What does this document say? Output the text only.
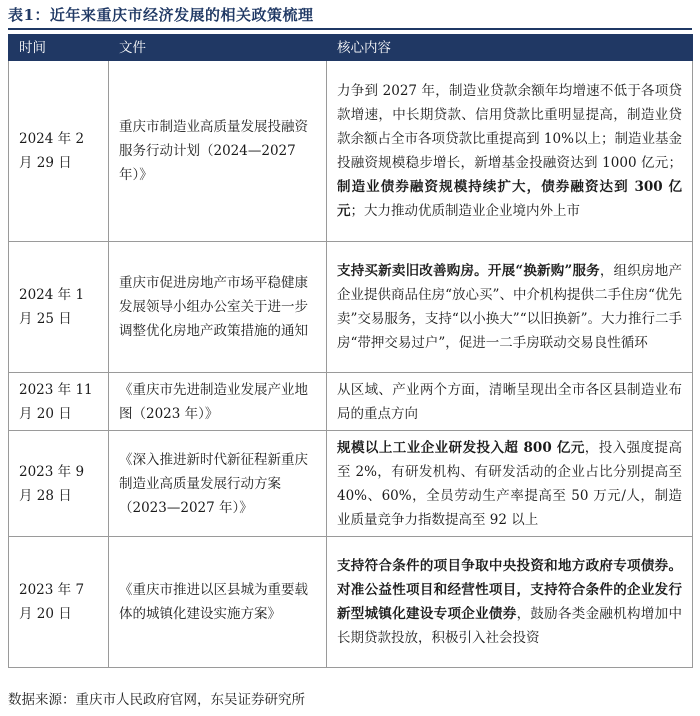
表1：近年来重庆市经济发展的相关政策梳理
时间	文件	核心内容
2024 年 2 月 29 日	重庆市制造业高质量发展投融资服务行动计划（2024—2027 年）》	力争到 2027 年，制造业贷款余额年均增速不低于各项贷款增速，中长期贷款、信用贷款比重明显提高，制造业贷款余额占全市各项贷款比重提高到 10%以上；制造业基金投融资规模稳步增长，新增基金投融资达到 1000 亿元；制造业债券融资规模持续扩大，债券融资达到 300 亿元；大力推动优质制造业企业境内外上市
2024 年 1 月 25 日	重庆市促进房地产市场平稳健康发展领导小组办公室关于进一步调整优化房地产政策措施的通知	支持买新卖旧改善购房。开展“换新购”服务，组织房地产企业提供商品住房“放心买”、中介机构提供二手住房“优先卖”交易服务，支持“以小换大”“以旧换新”。大力推行二手房“带押交易过户”，促进一二手房联动交易良性循环
2023 年 11 月 20 日	《重庆市先进制造业发展产业地图（2023 年）》	从区域、产业两个方面，清晰呈现出全市各区县制造业布局的重点方向
2023 年 9 月 28 日	《深入推进新时代新征程新重庆制造业高质量发展行动方案（2023—2027 年）》	规模以上工业企业研发投入超 800 亿元，投入强度提高至 2%，有研发机构、有研发活动的企业占比分别提高至 40%、60%，全员劳动生产率提高至 50 万元/人，制造业质量竞争力指数提高至 92 以上
2023 年 7 月 20 日	《重庆市推进以区县城为重要载体的城镇化建设实施方案》	支持符合条件的项目争取中央投资和地方政府专项债券。对准公益性项目和经营性项目，支持符合条件的企业发行新型城镇化建设专项企业债券，鼓励各类金融机构增加中长期贷款投放，积极引入社会投资
数据来源：重庆市人民政府官网，东吴证券研究所
